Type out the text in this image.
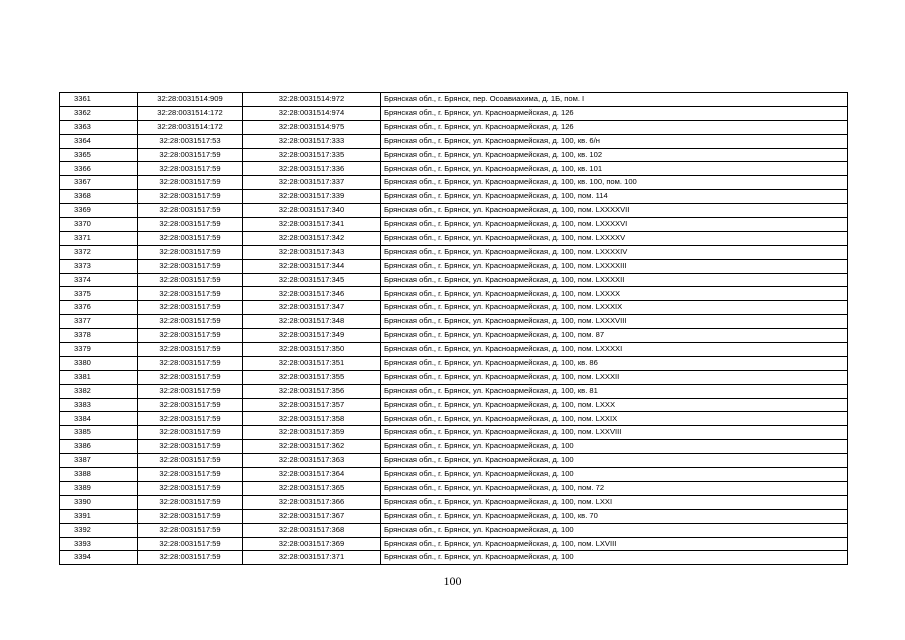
3361	32:28:0031514:909	32:28:0031514:972	Брянская обл., г. Брянск, пер. Осоавиахима, д. 1Б, пом. I
3362	32:28:0031514:172	32:28:0031514:974	Брянская обл., г. Брянск, ул. Красноармейская, д. 126
3363	32:28:0031514:172	32:28:0031514:975	Брянская обл., г. Брянск, ул. Красноармейская, д. 126
3364	32:28:0031517:53	32:28:0031517:333	Брянская обл., г. Брянск, ул. Красноармейская, д. 100, кв. 6/н
3365	32:28:0031517:59	32:28:0031517:335	Брянская обл., г. Брянск, ул. Красноармейская, д. 100, кв. 102
3366	32:28:0031517:59	32:28:0031517:336	Брянская обл., г. Брянск, ул. Красноармейская, д. 100, кв. 101
3367	32:28:0031517:59	32:28:0031517:337	Брянская обл., г. Брянск, ул. Красноармейская, д. 100, кв. 100, пом. 100
3368	32:28:0031517:59	32:28:0031517:339	Брянская обл., г. Брянск, ул. Красноармейская, д. 100, пом. 114
3369	32:28:0031517:59	32:28:0031517:340	Брянская обл., г. Брянск, ул. Красноармейская, д. 100, пом. LXXXXVII
3370	32:28:0031517:59	32:28:0031517:341	Брянская обл., г. Брянск, ул. Красноармейская, д. 100, пом. LXXXXVI
3371	32:28:0031517:59	32:28:0031517:342	Брянская обл., г. Брянск, ул. Красноармейская, д. 100, пом. LXXXXV
3372	32:28:0031517:59	32:28:0031517:343	Брянская обл., г. Брянск, ул. Красноармейская, д. 100, пом. LXXXXIV
3373	32:28:0031517:59	32:28:0031517:344	Брянская обл., г. Брянск, ул. Красноармейская, д. 100, пом. LXXXXIII
3374	32:28:0031517:59	32:28:0031517:345	Брянская обл., г. Брянск, ул. Красноармейская, д. 100, пом. LXXXXII
3375	32:28:0031517:59	32:28:0031517:346	Брянская обл., г. Брянск, ул. Красноармейская, д. 100, пом. LXXXX
3376	32:28:0031517:59	32:28:0031517:347	Брянская обл., г. Брянск, ул. Красноармейская, д. 100, пом. LXXXIX
3377	32:28:0031517:59	32:28:0031517:348	Брянская обл., г. Брянск, ул. Красноармейская, д. 100, пом. LXXXVIII
3378	32:28:0031517:59	32:28:0031517:349	Брянская обл., г. Брянск, ул. Красноармейская, д. 100, пом. 87
3379	32:28:0031517:59	32:28:0031517:350	Брянская обл., г. Брянск, ул. Красноармейская, д. 100, пом. LXXXXI
3380	32:28:0031517:59	32:28:0031517:351	Брянская обл., г. Брянск, ул. Красноармейская, д. 100, кв. 86
3381	32:28:0031517:59	32:28:0031517:355	Брянская обл., г. Брянск, ул. Красноармейская, д. 100, пом. LXXXII
3382	32:28:0031517:59	32:28:0031517:356	Брянская обл., г. Брянск, ул. Красноармейская, д. 100, кв. 81
3383	32:28:0031517:59	32:28:0031517:357	Брянская обл., г. Брянск, ул. Красноармейская, д. 100, пом. LXXX
3384	32:28:0031517:59	32:28:0031517:358	Брянская обл., г. Брянск, ул. Красноармейская, д. 100, пом. LXXIX
3385	32:28:0031517:59	32:28:0031517:359	Брянская обл., г. Брянск, ул. Красноармейская, д. 100, пом. LXXVIII
3386	32:28:0031517:59	32:28:0031517:362	Брянская обл., г. Брянск, ул. Красноармейская, д. 100
3387	32:28:0031517:59	32:28:0031517:363	Брянская обл., г. Брянск, ул. Красноармейская, д. 100
3388	32:28:0031517:59	32:28:0031517:364	Брянская обл., г. Брянск, ул. Красноармейская, д. 100
3389	32:28:0031517:59	32:28:0031517:365	Брянская обл., г. Брянск, ул. Красноармейская, д. 100, пом. 72
3390	32:28:0031517:59	32:28:0031517:366	Брянская обл., г. Брянск, ул. Красноармейская, д. 100, пом. LXXI
3391	32:28:0031517:59	32:28:0031517:367	Брянская обл., г. Брянск, ул. Красноармейская, д. 100, кв. 70
3392	32:28:0031517:59	32:28:0031517:368	Брянская обл., г. Брянск, ул. Красноармейская, д. 100
3393	32:28:0031517:59	32:28:0031517:369	Брянская обл., г. Брянск, ул. Красноармейская, д. 100, пом. LXVIII
3394	32:28:0031517:59	32:28:0031517:371	Брянская обл., г. Брянск, ул. Красноармейская, д. 100
100
